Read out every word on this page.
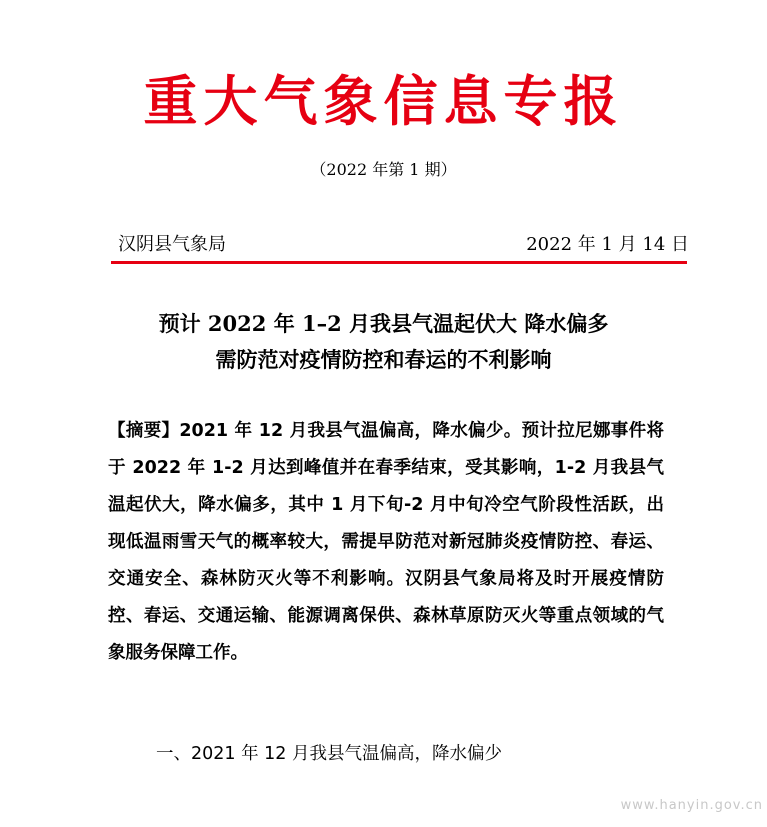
重大气象信息专报
（2022 年第 1 期）
汉阴县气象局	2022 年 1 月 14 日
预计 2022 年 1–2 月我县气温起伏大 降水偏多
需防范对疫情防控和春运的不利影响
【摘要】2021 年 12 月我县气温偏高，降水偏少。预计拉尼娜事件将于 2022 年 1-2 月达到峰值并在春季结束，受其影响，1-2 月我县气温起伏大，降水偏多，其中 1 月下旬-2 月中旬冷空气阶段性活跃，出现低温雨雪天气的概率较大，需提早防范对新冠肺炎疫情防控、春运、交通安全、森林防灭火等不利影响。汉阴县气象局将及时开展疫情防控、春运、交通运输、能源调离保供、森林草原防灭火等重点领域的气象服务保障工作。
一、2021 年 12 月我县气温偏高，降水偏少
www.hanyin.gov.cn
